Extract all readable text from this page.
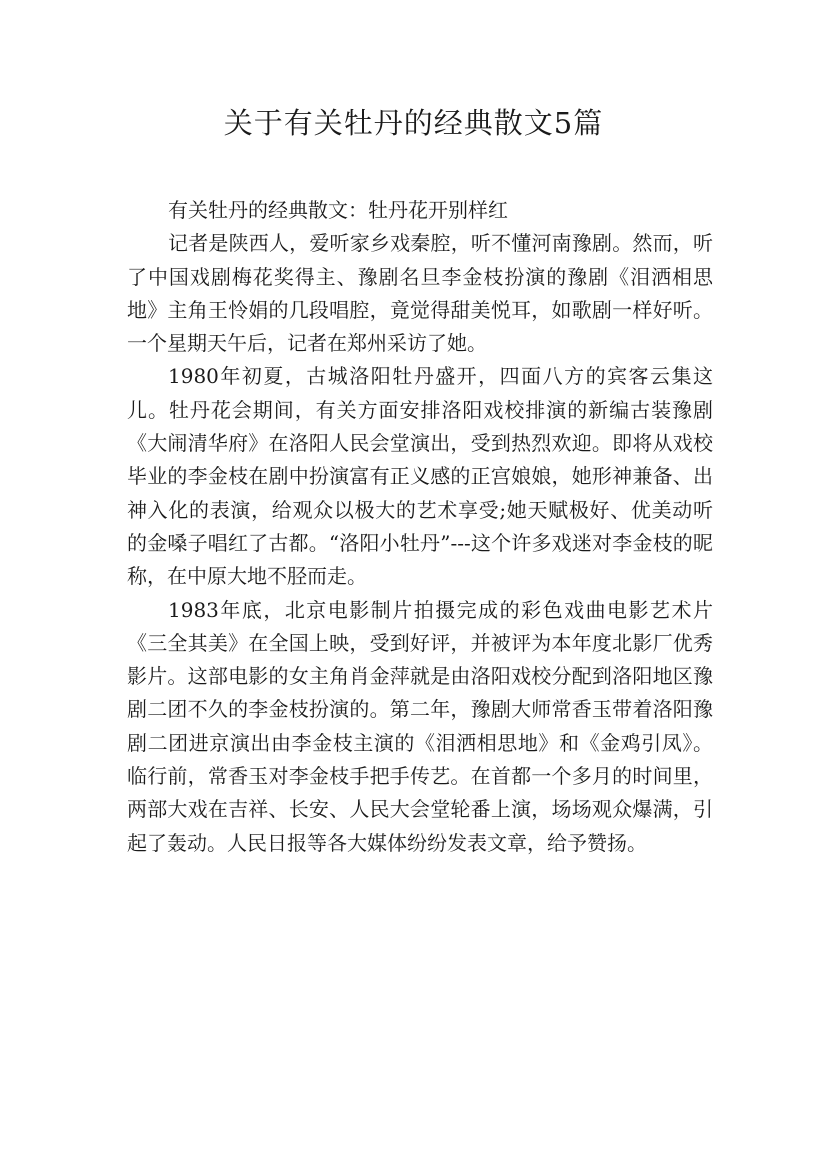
关于有关牡丹的经典散文5篇

有关牡丹的经典散文：牡丹花开别样红

记者是陕西人，爱听家乡戏秦腔，听不懂河南豫剧。然而，听了中国戏剧梅花奖得主、豫剧名旦李金枝扮演的豫剧《泪洒相思地》主角王怜娟的几段唱腔，竟觉得甜美悦耳，如歌剧一样好听。一个星期天午后，记者在郑州采访了她。

1980年初夏，古城洛阳牡丹盛开，四面八方的宾客云集这儿。牡丹花会期间，有关方面安排洛阳戏校排演的新编古装豫剧《大闹清华府》在洛阳人民会堂演出，受到热烈欢迎。即将从戏校毕业的李金枝在剧中扮演富有正义感的正宫娘娘，她形神兼备、出神入化的表演，给观众以极大的艺术享受;她天赋极好、优美动听的金嗓子唱红了古都。“洛阳小牡丹”---这个许多戏迷对李金枝的昵称，在中原大地不胫而走。

1983年底，北京电影制片拍摄完成的彩色戏曲电影艺术片《三全其美》在全国上映，受到好评，并被评为本年度北影厂优秀影片。这部电影的女主角肖金萍就是由洛阳戏校分配到洛阳地区豫剧二团不久的李金枝扮演的。第二年，豫剧大师常香玉带着洛阳豫剧二团进京演出由李金枝主演的《泪洒相思地》和《金鸡引凤》。临行前，常香玉对李金枝手把手传艺。在首都一个多月的时间里，两部大戏在吉祥、长安、人民大会堂轮番上演，场场观众爆满，引起了轰动。人民日报等各大媒体纷纷发表文章，给予赞扬。
